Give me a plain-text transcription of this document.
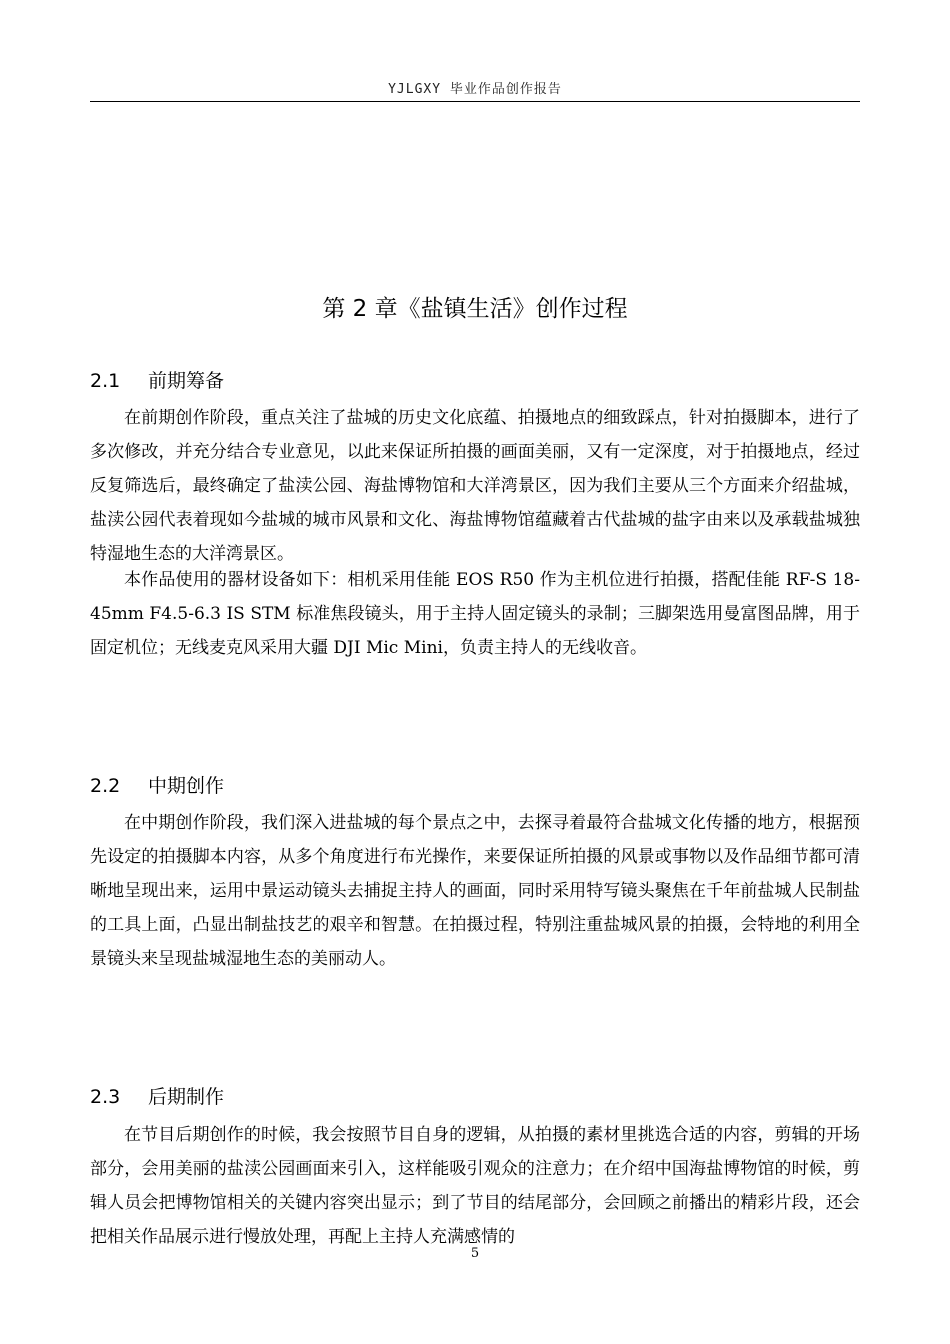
YJLGXY 毕业作品创作报告
第 2 章《盐镇生活》创作过程
2.1 前期筹备

在前期创作阶段，重点关注了盐城的历史文化底蕴、拍摄地点的细致踩点，针对拍摄脚本，进行了多次修改，并充分结合专业意见，以此来保证所拍摄的画面美丽，又有一定深度，对于拍摄地点，经过反复筛选后，最终确定了盐渎公园、海盐博物馆和大洋湾景区，因为我们主要从三个方面来介绍盐城，盐渎公园代表着现如今盐城的城市风景和文化、海盐博物馆蕴藏着古代盐城的盐字由来以及承载盐城独特湿地生态的大洋湾景区。

本作品使用的器材设备如下：相机采用佳能 EOS R50 作为主机位进行拍摄，搭配佳能 RF-S 18-45mm F4.5-6.3 IS STM 标准焦段镜头，用于主持人固定镜头的录制；三脚架选用曼富图品牌，用于固定机位；无线麦克风采用大疆 DJI Mic Mini，负责主持人的无线收音。

2.2 中期创作

在中期创作阶段，我们深入进盐城的每个景点之中，去探寻着最符合盐城文化传播的地方，根据预先设定的拍摄脚本内容，从多个角度进行布光操作，来要保证所拍摄的风景或事物以及作品细节都可清晰地呈现出来，运用中景运动镜头去捕捉主持人的画面，同时采用特写镜头聚焦在千年前盐城人民制盐的工具上面，凸显出制盐技艺的艰辛和智慧。在拍摄过程，特别注重盐城风景的拍摄，会特地的利用全景镜头来呈现盐城湿地生态的美丽动人。

2.3 后期制作

在节目后期创作的时候，我会按照节目自身的逻辑，从拍摄的素材里挑选合适的内容，剪辑的开场部分，会用美丽的盐渎公园画面来引入，这样能吸引观众的注意力；在介绍中国海盐博物馆的时候，剪辑人员会把博物馆相关的关键内容突出显示；到了节目的结尾部分，会回顾之前播出的精彩片段，还会把相关作品展示进行慢放处理，再配上主持人充满感情的

5
